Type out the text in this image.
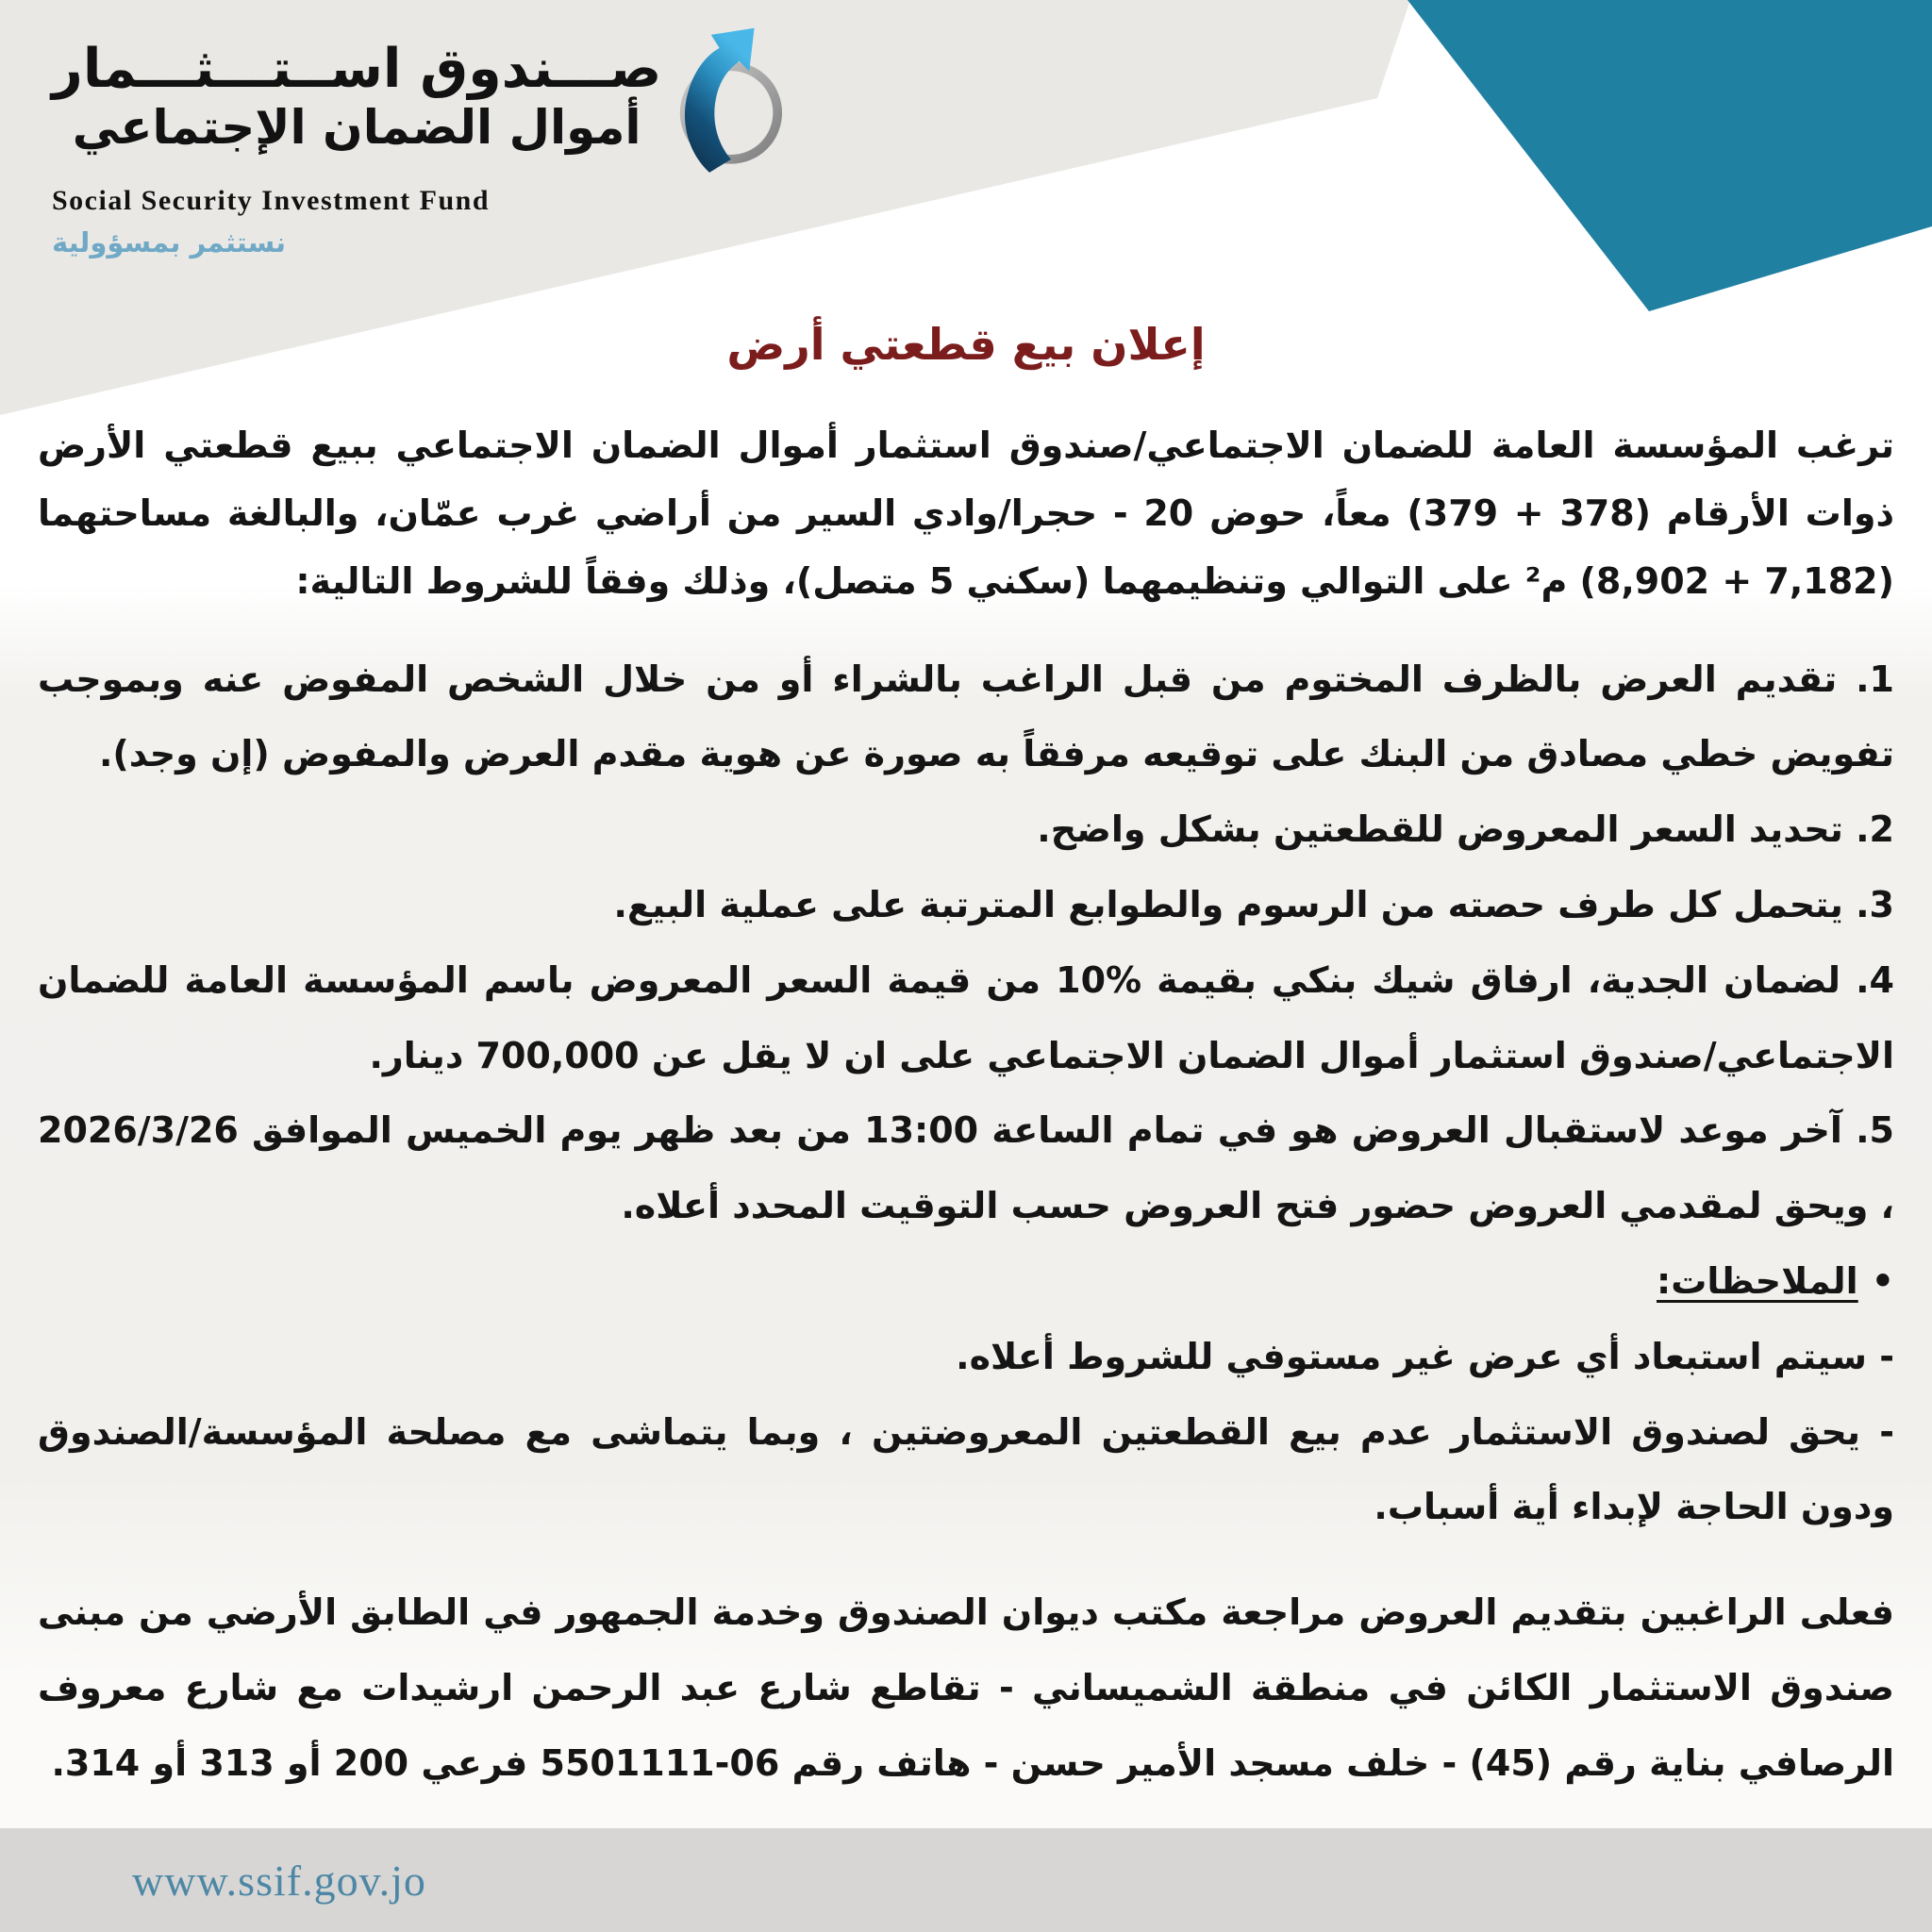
صـــندوق اســتـــثـــمار
أموال الضمان الإجتماعي
Social Security Investment Fund
نستثمر بمسؤولية
إعلان بيع قطعتي أرض

ترغب المؤسسة العامة للضمان الاجتماعي/صندوق استثمار أموال الضمان الاجتماعي ببيع قطعتي الأرض ذوات الأرقام (378 + 379) معاً، حوض 20 - حجرا/وادي السير من أراضي غرب عمّان، والبالغة مساحتهما (7,182 + 8,902) م² على التوالي وتنظيمهما (سكني 5 متصل)، وذلك وفقاً للشروط التالية:

1. تقديم العرض بالظرف المختوم من قبل الراغب بالشراء أو من خلال الشخص المفوض عنه وبموجب تفويض خطي مصادق من البنك على توقيعه مرفقاً به صورة عن هوية مقدم العرض والمفوض (إن وجد).

2. تحديد السعر المعروض للقطعتين بشكل واضح.

3. يتحمل كل طرف حصته من الرسوم والطوابع المترتبة على عملية البيع.

4. لضمان الجدية، ارفاق شيك بنكي بقيمة %10 من قيمة السعر المعروض باسم المؤسسة العامة للضمان الاجتماعي/صندوق استثمار أموال الضمان الاجتماعي على ان لا يقل عن 700,000 دينار.

5. آخر موعد لاستقبال العروض هو في تمام الساعة 13:00 من بعد ظهر يوم الخميس الموافق 2026/3/26 ، ويحق لمقدمي العروض حضور فتح العروض حسب التوقيت المحدد أعلاه.

•الملاحظات:

- سيتم استبعاد أي عرض غير مستوفي للشروط أعلاه.

- يحق لصندوق الاستثمار عدم بيع القطعتين المعروضتين ، وبما يتماشى مع مصلحة المؤسسة/الصندوق ودون الحاجة لإبداء أية أسباب.

فعلى الراغبين بتقديم العروض مراجعة مكتب ديوان الصندوق وخدمة الجمهور في الطابق الأرضي من مبنى صندوق الاستثمار الكائن في منطقة الشميساني - تقاطع شارع عبد الرحمن ارشيدات مع شارع معروف الرصافي بناية رقم (45) - خلف مسجد الأمير حسن - هاتف رقم 06-5501111 فرعي 200 أو 313 أو 314.

www.ssif.gov.jo
